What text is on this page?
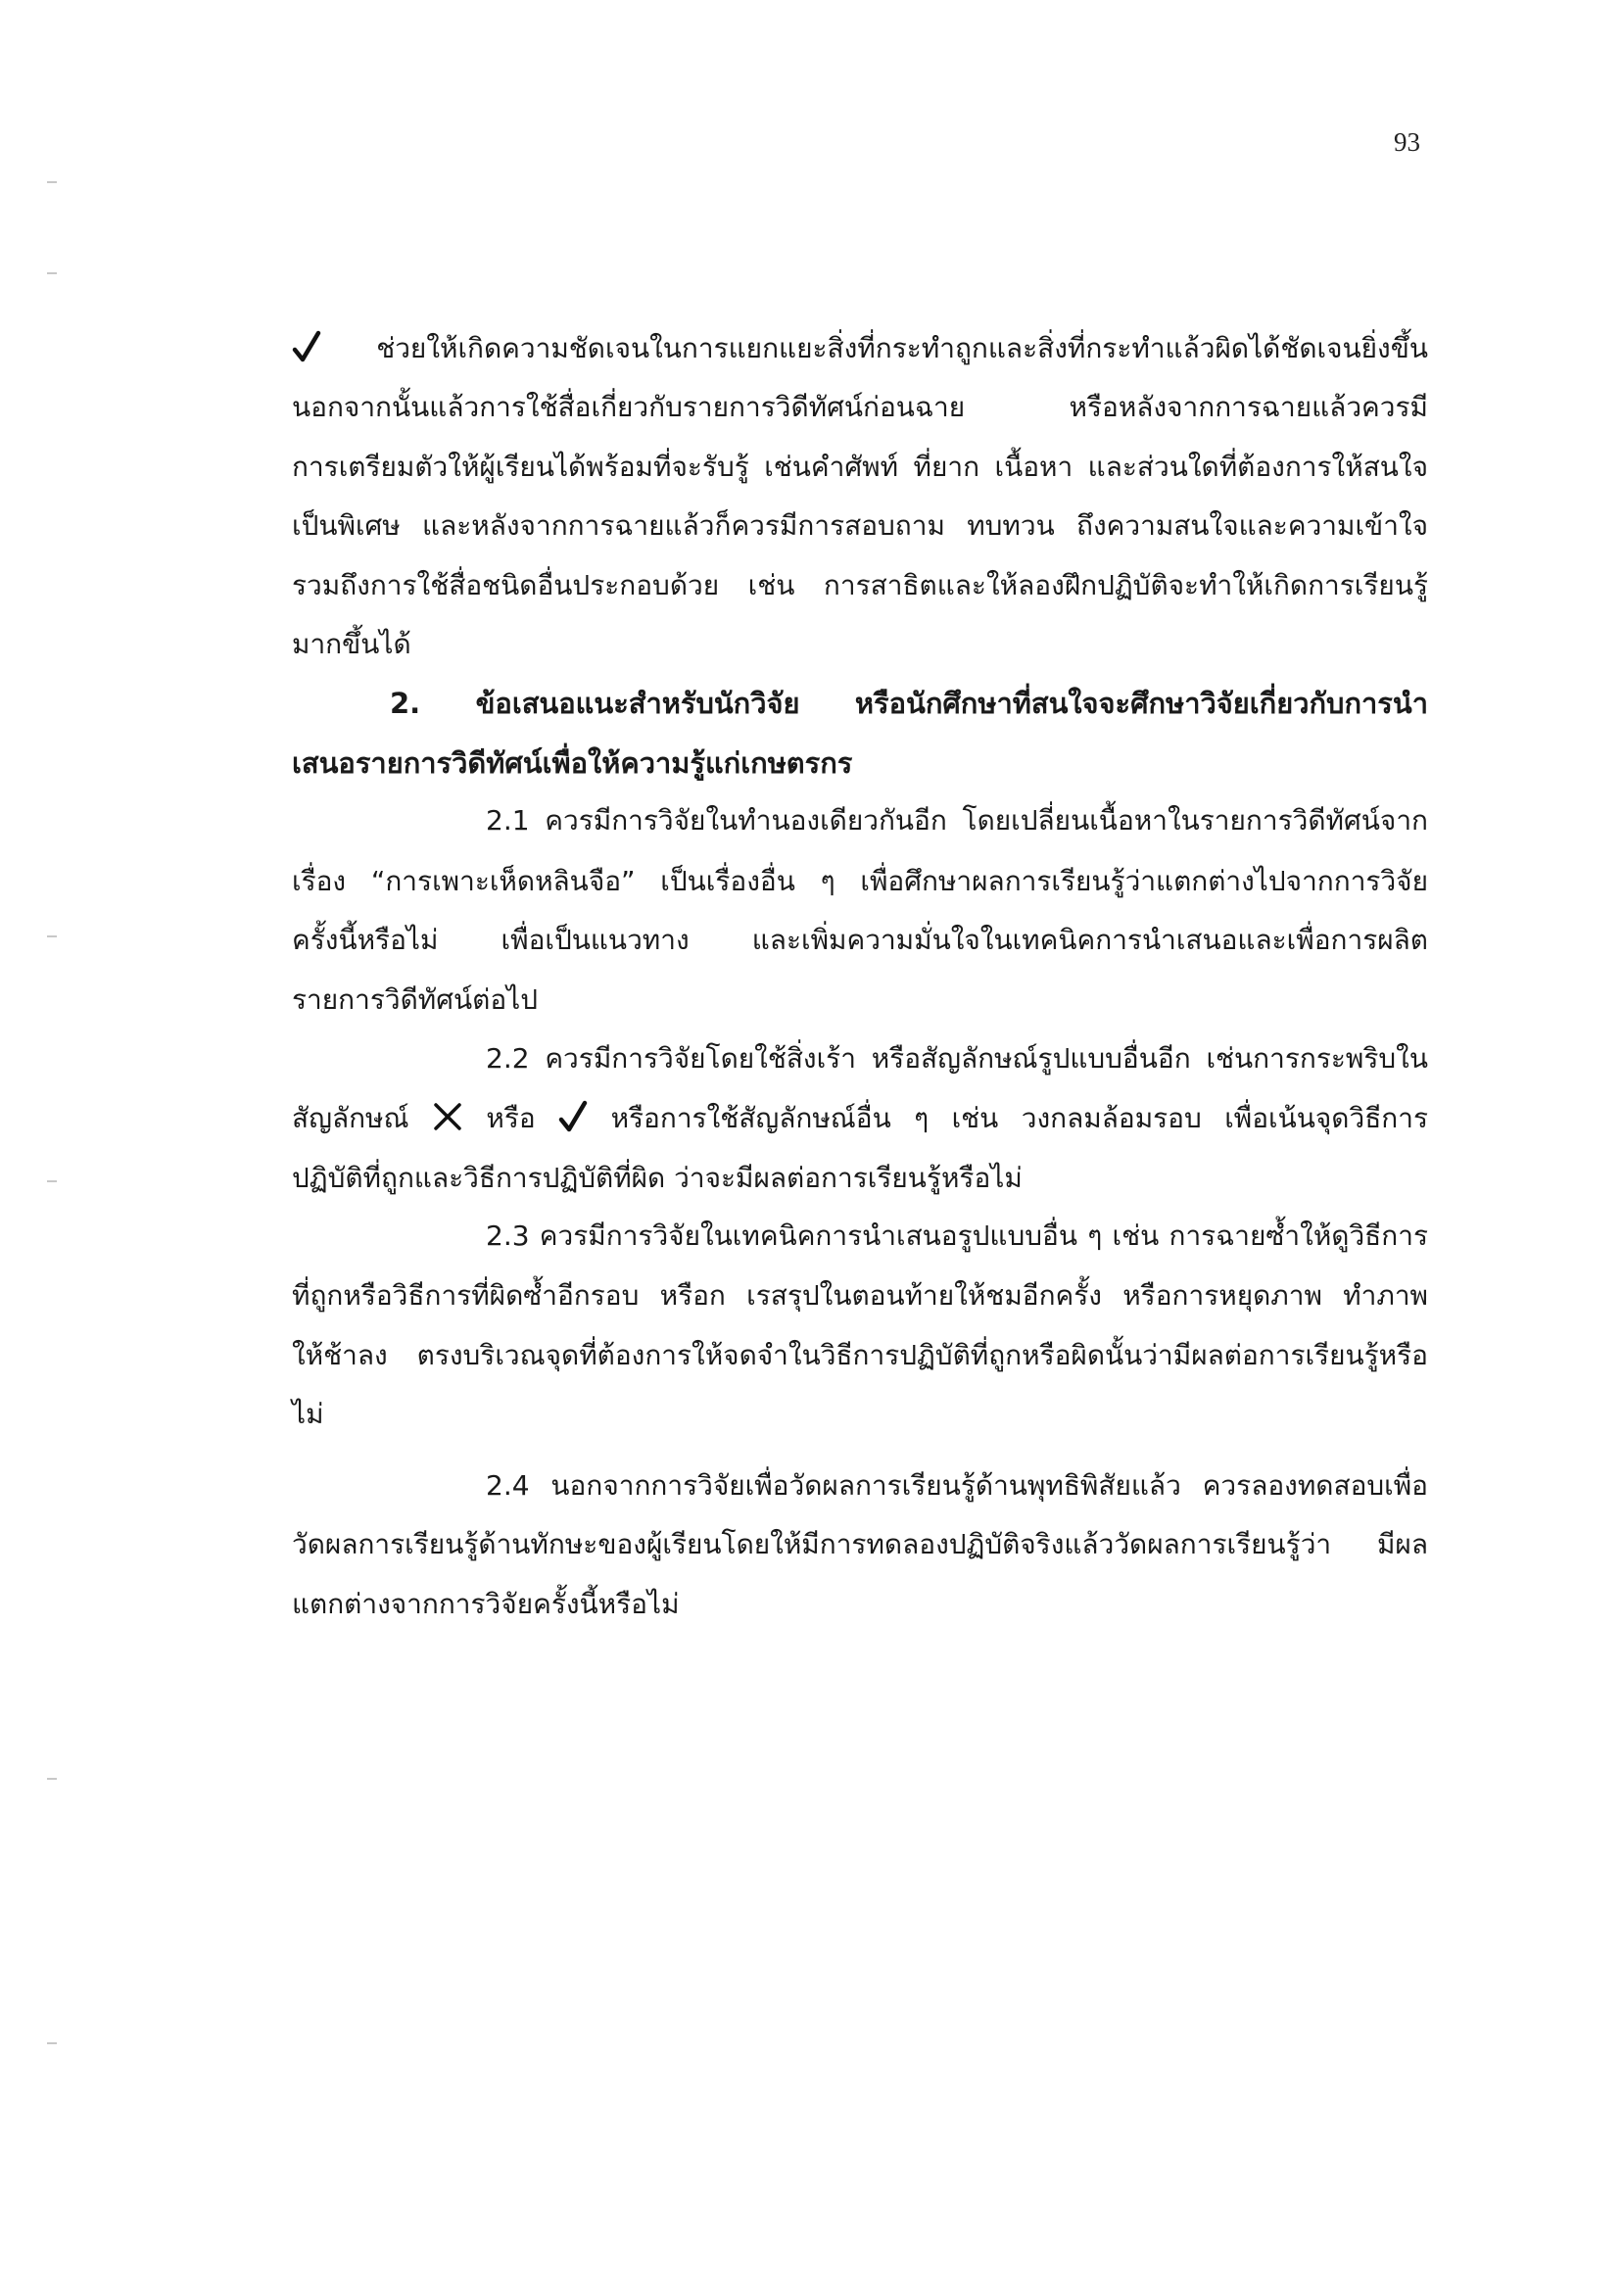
93
ช่วยให้เกิดความชัดเจนในการแยกแยะสิ่งที่กระทำถูกและสิ่งที่กระทำแล้วผิดได้ชัดเจนยิ่งขึ้น
นอกจากนั้นแล้วการใช้สื่อเกี่ยวกับรายการวิดีทัศน์ก่อนฉาย หรือหลังจากการฉายแล้วควรมี
การเตรียมตัวให้ผู้เรียนได้พร้อมที่จะรับรู้ เช่นคำศัพท์ ที่ยาก เนื้อหา และส่วนใดที่ต้องการให้สนใจ
เป็นพิเศษ และหลังจากการฉายแล้วก็ควรมีการสอบถาม ทบทวน ถึงความสนใจและความเข้าใจ
รวมถึงการใช้สื่อชนิดอื่นประกอบด้วย เช่น การสาธิตและให้ลองฝึกปฏิบัติจะทำให้เกิดการเรียนรู้
มากขึ้นได้
2. ข้อเสนอแนะสำหรับนักวิจัย หรือนักศึกษาที่สนใจจะศึกษาวิจัยเกี่ยวกับการนำ
เสนอรายการวิดีทัศน์เพื่อให้ความรู้แก่เกษตรกร
2.1 ควรมีการวิจัยในทำนองเดียวกันอีก โดยเปลี่ยนเนื้อหาในรายการวิดีทัศน์จาก
เรื่อง “การเพาะเห็ดหลินจือ” เป็นเรื่องอื่น ๆ เพื่อศึกษาผลการเรียนรู้ว่าแตกต่างไปจากการวิจัย
ครั้งนี้หรือไม่ เพื่อเป็นแนวทาง และเพิ่มความมั่นใจในเทคนิคการนำเสนอและเพื่อการผลิต
รายการวิดีทัศน์ต่อไป
2.2 ควรมีการวิจัยโดยใช้สิ่งเร้า หรือสัญลักษณ์รูปแบบอื่นอีก เช่นการกระพริบใน
สัญลักษณ์	หรือ	หรือการใช้สัญลักษณ์อื่น ๆ เช่น วงกลมล้อมรอบ เพื่อเน้นจุดวิธีการ
ปฏิบัติที่ถูกและวิธีการปฏิบัติที่ผิด ว่าจะมีผลต่อการเรียนรู้หรือไม่
2.3 ควรมีการวิจัยในเทคนิคการนำเสนอรูปแบบอื่น ๆ เช่น การฉายซ้ำให้ดูวิธีการ
ที่ถูกหรือวิธีการที่ผิดซ้ำอีกรอบ หรือก เรสรุปในตอนท้ายให้ชมอีกครั้ง หรือการหยุดภาพ ทำภาพ
ให้ช้าลง ตรงบริเวณจุดที่ต้องการให้จดจำในวิธีการปฏิบัติที่ถูกหรือผิดนั้นว่ามีผลต่อการเรียนรู้หรือ
ไม่
2.4 นอกจากการวิจัยเพื่อวัดผลการเรียนรู้ด้านพุทธิพิสัยแล้ว ควรลองทดสอบเพื่อ
วัดผลการเรียนรู้ด้านทักษะของผู้เรียนโดยให้มีการทดลองปฏิบัติจริงแล้ววัดผลการเรียนรู้ว่า มีผล
แตกต่างจากการวิจัยครั้งนี้หรือไม่
